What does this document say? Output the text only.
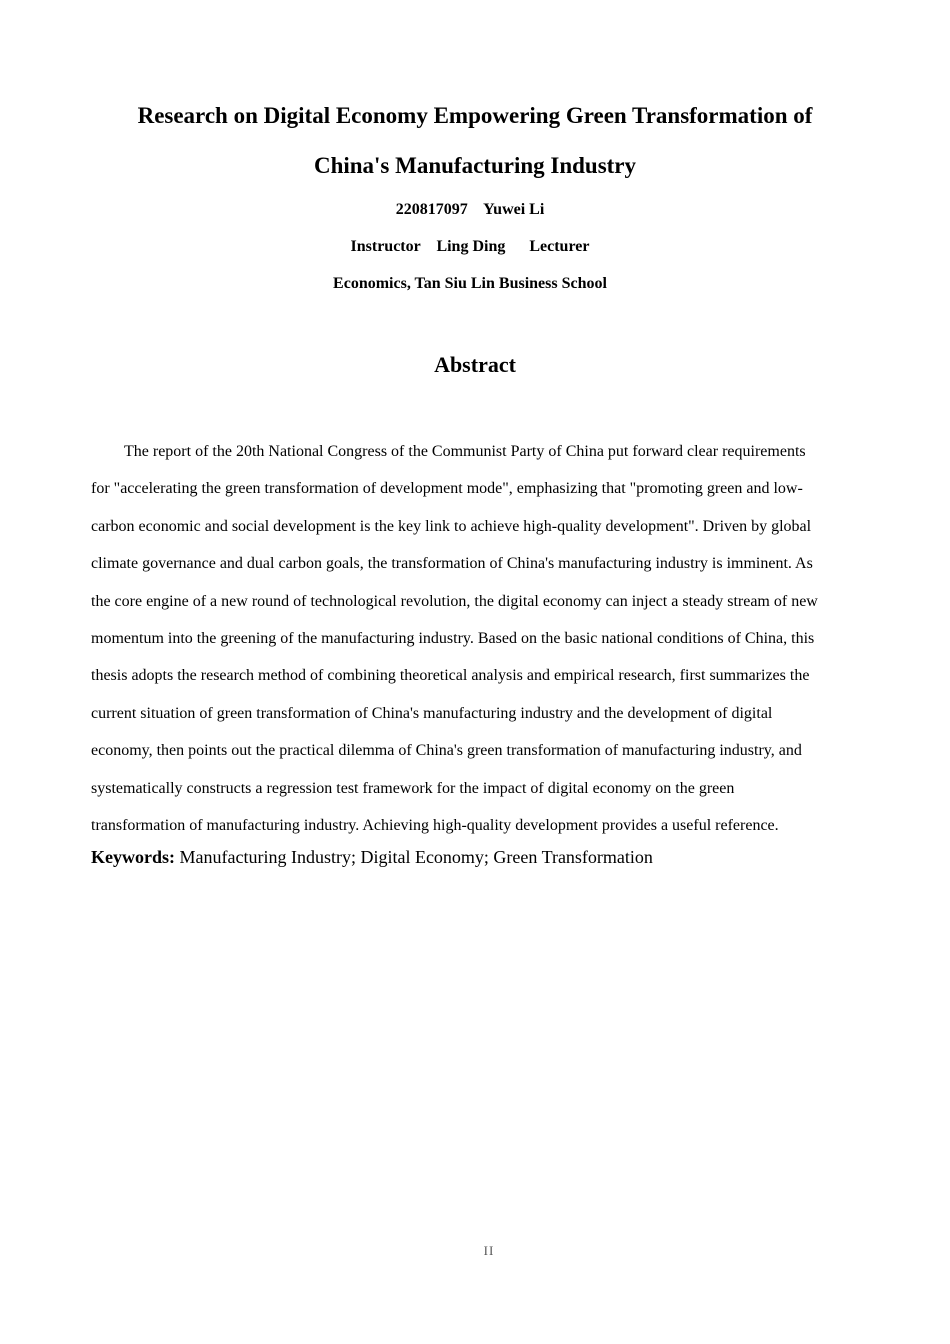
Research on Digital Economy Empowering Green Transformation of
China's Manufacturing Industry

220817097    Yuwei Li

Instructor    Ling Ding      Lecturer

Economics, Tan Siu Lin Business School

Abstract
The report of the 20th National Congress of the Communist Party of China put forward clear requirements
for "accelerating the green transformation of development mode", emphasizing that "promoting green and low-
carbon economic and social development is the key link to achieve high-quality development". Driven by global
climate governance and dual carbon goals, the transformation of China's manufacturing industry is imminent. As
the core engine of a new round of technological revolution, the digital economy can inject a steady stream of new
momentum into the greening of the manufacturing industry. Based on the basic national conditions of China, this
thesis adopts the research method of combining theoretical analysis and empirical research, first summarizes the
current situation of green transformation of China's manufacturing industry and the development of digital
economy, then points out the practical dilemma of China's green transformation of manufacturing industry, and
systematically constructs a regression test framework for the impact of digital economy on the green
transformation of manufacturing industry. Achieving high-quality development provides a useful reference.

Keywords: Manufacturing Industry; Digital Economy; Green Transformation

II
